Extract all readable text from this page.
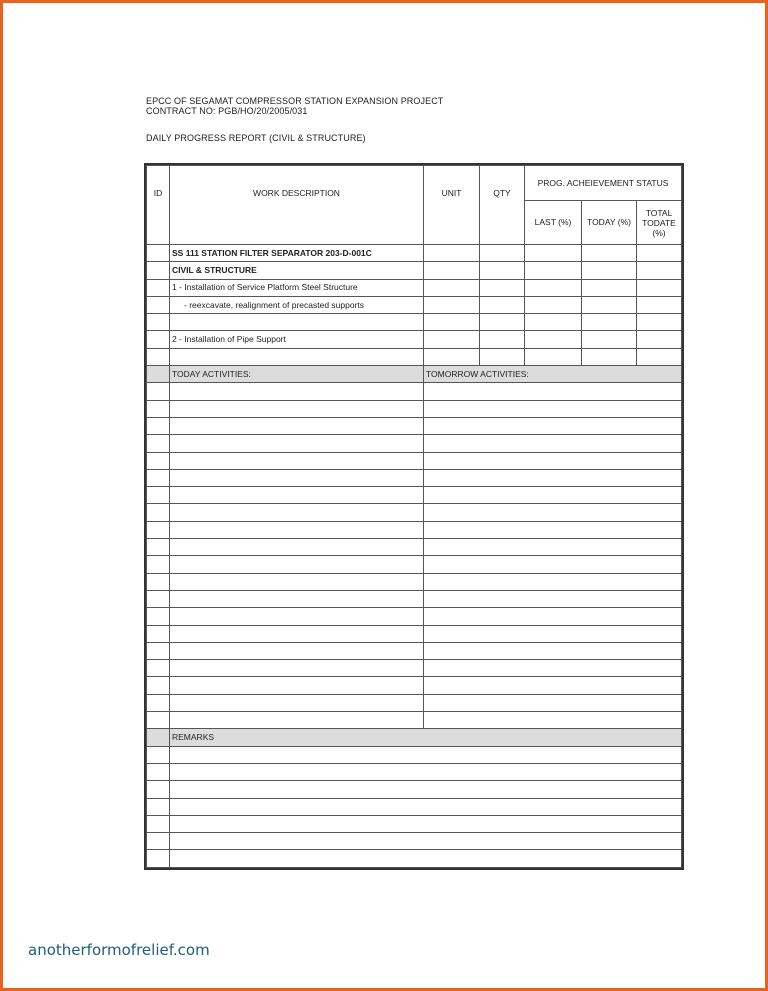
EPCC OF SEGAMAT COMPRESSOR STATION EXPANSION PROJECT
CONTRACT NO: PGB/HO/20/2005/031
DAILY PROGRESS REPORT (CIVIL & STRUCTURE)
ID	WORK DESCRIPTION	UNIT	QTY	PROG. ACHEIEVEMENT STATUS		
				LAST (%)	TODAY (%)	TOTAL
TODATE
(%)

	SS 111 STATION FILTER SEPARATOR 203-D-001C					
	CIVIL & STRUCTURE					
	1 - Installation of Service Platform Steel Structure					
	- reexcavate, realignment of precasted supports					

	2 - Installation of Pipe Support					

	TODAY ACTIVITIES:	TOMORROW ACTIVITIES:				

	REMARKS					

anotherformofrelief.com
